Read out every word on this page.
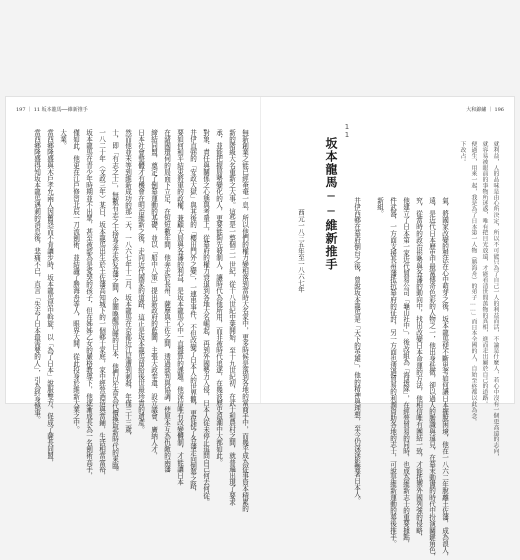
197 ｜ 11 坂本龍馬──維新推手
無新創業之能已經奄奄一息，所以他們的權力變相落到當時大名家中，更多時候是落到各地的富商手中，而幾乎成為從事資本積累的
新的階級大名重新之大事。這些是一整個二一世紀，從十八世紀中葉開始，至十九世紀初，在武士和農村之間，就普遍出現了要求
承，並能把握局勢變化的人，更要能夠先發制人，讓時代為他所用，而非被時代追逐，在幾波歷史浪潮中大都如此。
對象、責任與關係之心態與考量上，從幕府的權力衰退到各地大名崛起，再到外國勢力入侵，日本人從未停止追問自己何去何從。
井伊直弼的「安政大獄」與其後的「櫻田門外之變」，一連串事件，不但改變了日本人的世界觀，更促使了各藩走向倒幕之路，
要如何和平結束將軍的政權，兼顧大局與各藩的利益，是坂本龍馬心中一直盤算的課題。他深信唯有改變體制，才能讓日本
在諸國環伺的局面下立足，在短短數年間，他奔走於長州、薩摩與土佐之間，透過談判與協調，使原本互為仇敵的兩藩
締結同盟，奠定了倒幕運動的基礎，並以「船中八策」提出新政府的藍圖，主張大政奉還、設立議會、廣納人才，
日本社會整體才有機會在明治維新之後，走向近代國家的道路，這正是坂本龍馬留給後世最珍貴的遺產。
然而他並未等到維新成功的那一天，一八六七年十二月，坂本龍馬在京都近江屋遭到刺殺，年僅三十三歲，
士，即「有志之士」，無數有志之士捨身奔走於各藩之間，企圖喚醒沉睡的日本，他們以生命為代價換取新時代的來臨。
一八二十年（文政三年）某日，坂本龍馬出生於土佐藩高知城下的一個鄉士家庭，家中經營酒造與當鋪，生活相當富裕，
坂本龍馬在青少年時期並不出眾，甚至被認為是愛哭的孩子，但在姊姊乙女的嚴格教導下，他逐漸成長為一名劍術高手，
僅如此，他更在江戶修習北辰一刀流劍術，並結識了勝海舟等人，眼界大開，從此投身於維新大業之中。
大業。
當西鄉隆盛與木戶孝允兩人因舊怨而不肯讓步時，坂本龍馬居中斡旋，以「為了日本」說服雙方，促成了薩長同盟，
當西鄉隆盛得知坂本龍馬遇刺的消息後，悲痛不已，直言「失去了日本最需要的人」，引為終身憾事。
大和錦繡 ｜ 196
就利益，人的品味是由心所決定，所以不可能只為了自己一人的利益而活，不論是什麼人，若心中沒有一個更高遠的志向，
就容易被眼前的事物所迷惑，唯有把目光放遠，才能看清世間萬物的真相，進而走出屬於自己的道路。
便過生，用來一起，我是為了日本第一人物（勝海舟）的弟子……」而日本全國的人，自始至終都以此為念。
下改占。
氣，將國家改變的想法在心中萌芽之後，坂本龍馬便不斷思考如何讓日本擺脫困境，他在一八六二年脫離土佐藩，成為浪人，
遠，是近代日本歷史中最富傳奇色彩的人物之一，他出身低微，卻以過人的膽識與遠見，在幕末動盪的時代中扮演關鍵角色，
究，從當時的政治形勢與各藩的動向中，找出改變日本命運的方法，他相信唯有團結一致，才能抵禦外國列強的侵略，
他建立了日本第一家近代貿易公司「龜山社中」，後改組為「海援隊」，在經營貿易的同時，也成為維新志士的重要據點，
件武器，一方面支援長州藩抵抗幕府的征討，另一方面也透過貿易的利潤資助各地的志士，可說是維新運動的幕後推手。
新組。
井伊西鄉在幕府倒台之後，曾說坂本龍馬是「天下的英雄」，他的精神與理想，至今仍深深影響著日本人。
11
坂本龍馬──維新推手
西元一八三五年至一八六七年
